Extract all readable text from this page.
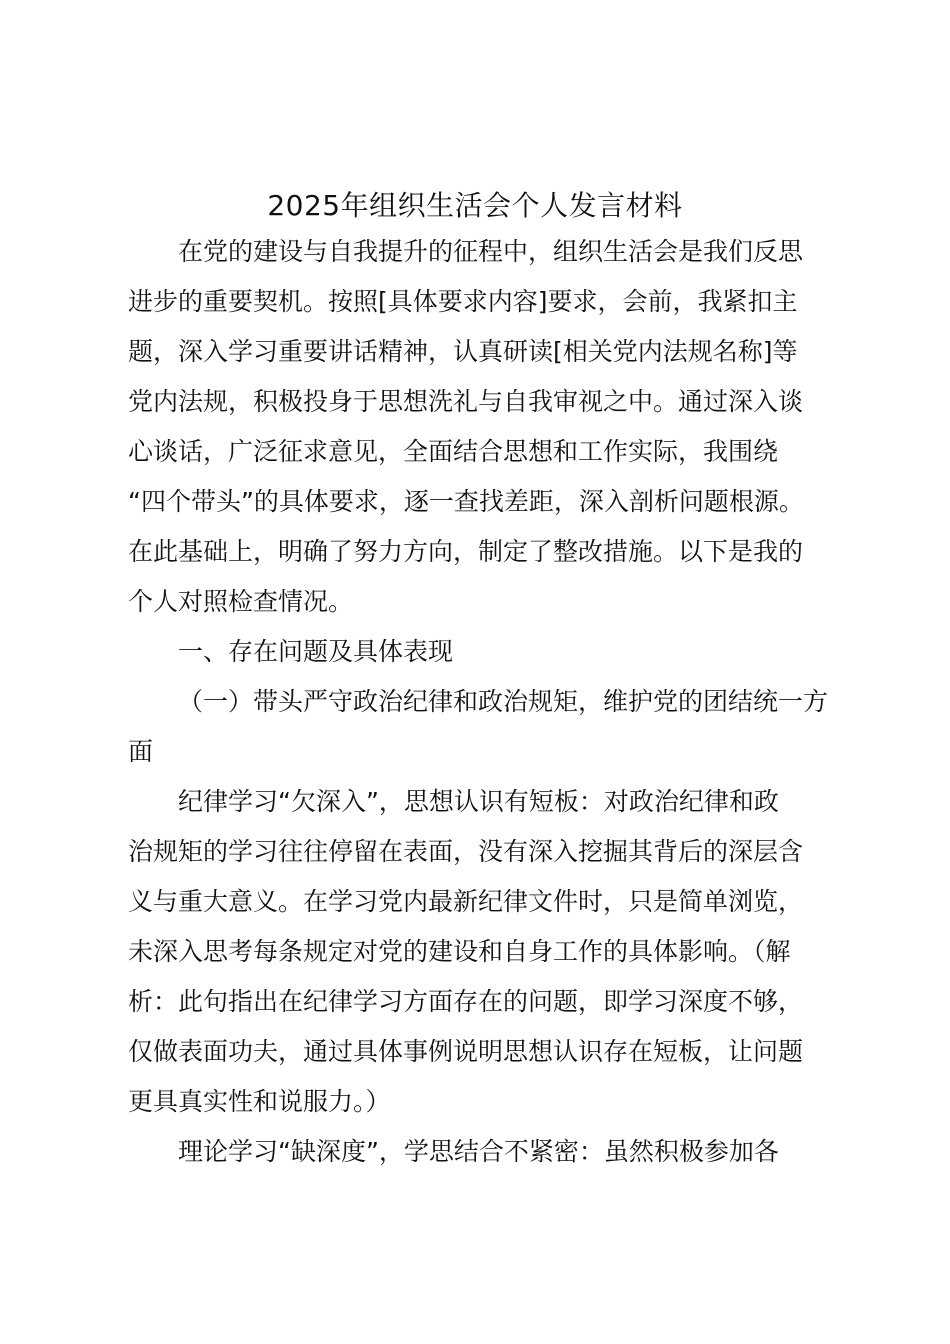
2025年组织生活会个人发言材料

在党的建设与自我提升的征程中，组织生活会是我们反思

进步的重要契机。按照[具体要求内容]要求，会前，我紧扣主

题，深入学习重要讲话精神，认真研读[相关党内法规名称]等

党内法规，积极投身于思想洗礼与自我审视之中。通过深入谈

心谈话，广泛征求意见，全面结合思想和工作实际，我围绕

“四个带头”的具体要求，逐一查找差距，深入剖析问题根源。

在此基础上，明确了努力方向，制定了整改措施。以下是我的

个人对照检查情况。

一、存在问题及具体表现

（一）带头严守政治纪律和政治规矩，维护党的团结统一方

面

纪律学习“欠深入”，思想认识有短板：对政治纪律和政

治规矩的学习往往停留在表面，没有深入挖掘其背后的深层含

义与重大意义。在学习党内最新纪律文件时，只是简单浏览，

未深入思考每条规定对党的建设和自身工作的具体影响。（解

析：此句指出在纪律学习方面存在的问题，即学习深度不够，

仅做表面功夫，通过具体事例说明思想认识存在短板，让问题

更具真实性和说服力。）

理论学习“缺深度”，学思结合不紧密：虽然积极参加各
